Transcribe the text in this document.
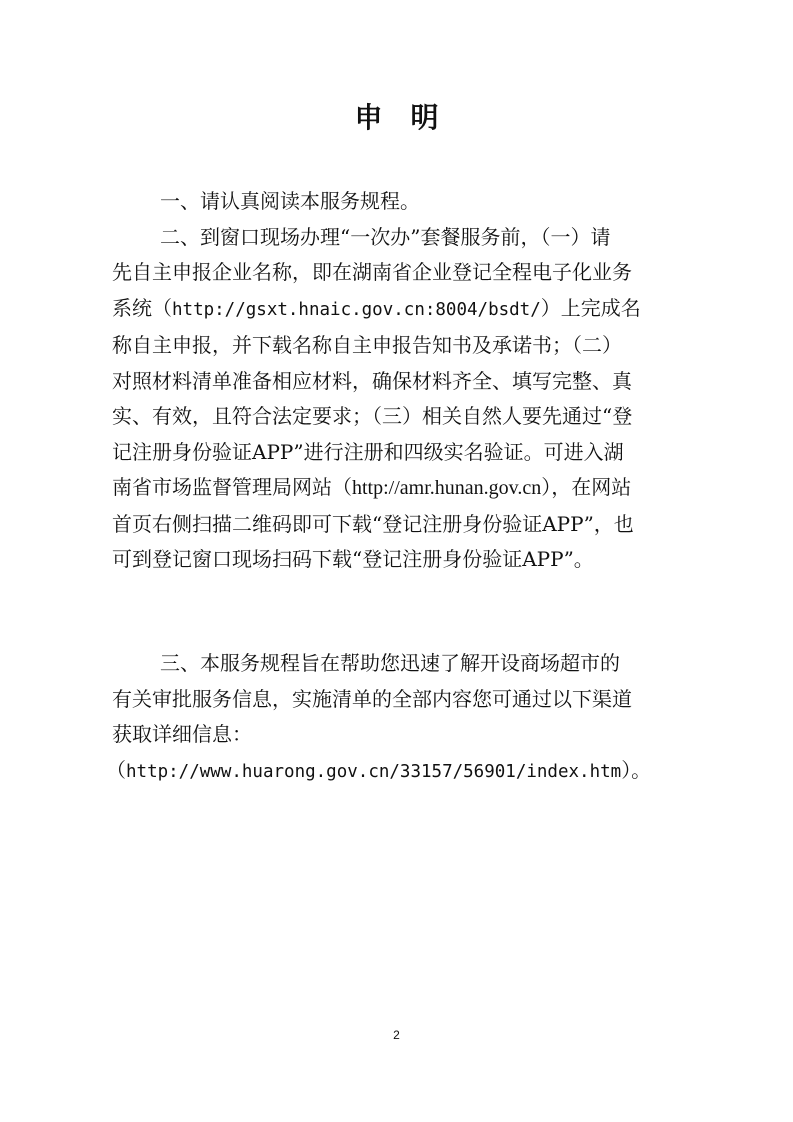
申明

一、请认真阅读本服务规程。

二、到窗口现场办理“一次办”套餐服务前，（一）请

先自主申报企业名称，即在湖南省企业登记全程电子化业务

系统（http://gsxt.hnaic.gov.cn:8004/bsdt/）上完成名

称自主申报，并下载名称自主申报告知书及承诺书；（二）

对照材料清单准备相应材料，确保材料齐全、填写完整、真

实、有效，且符合法定要求；（三）相关自然人要先通过“登

记注册身份验证APP”进行注册和四级实名验证。可进入湖

南省市场监督管理局网站（http://amr.hunan.gov.cn），在网站

首页右侧扫描二维码即可下载“登记注册身份验证APP”，也

可到登记窗口现场扫码下载“登记注册身份验证APP”。

三、本服务规程旨在帮助您迅速了解开设商场超市的

有关审批服务信息，实施清单的全部内容您可通过以下渠道

获取详细信息：

（http://www.huarong.gov.cn/33157/56901/index.htm）。

2
